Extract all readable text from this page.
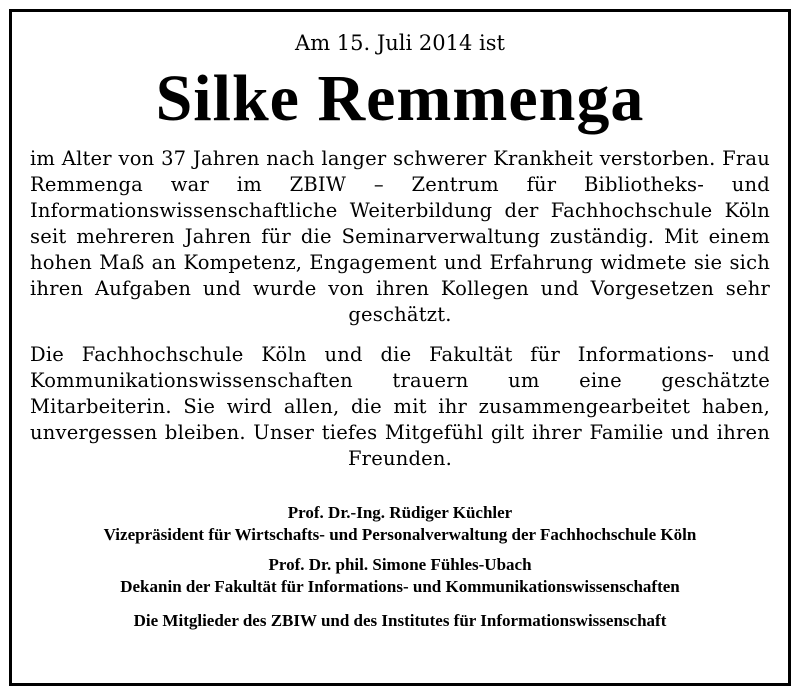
Am 15. Juli 2014 ist
Silke Remmenga
im Alter von 37 Jahren nach langer schwerer Krankheit verstorben. Frau Remmenga war im ZBIW – Zentrum für Bibliotheks- und Informationswissenschaftliche Weiterbildung der Fachhochschule Köln seit mehreren Jahren für die Seminarverwaltung zuständig. Mit einem hohen Maß an Kompetenz, Engagement und Erfahrung widmete sie sich ihren Aufgaben und wurde von ihren Kollegen und Vorgesetzen sehr geschätzt.
Die Fachhochschule Köln und die Fakultät für Informations- und Kommunikationswissenschaften trauern um eine geschätzte Mitarbeiterin. Sie wird allen, die mit ihr zusammengearbeitet haben, unvergessen bleiben. Unser tiefes Mitgefühl gilt ihrer Familie und ihren Freunden.
Prof. Dr.-Ing. Rüdiger Küchler
Vizepräsident für Wirtschafts- und Personalverwaltung der Fachhochschule Köln
Prof. Dr. phil. Simone Fühles-Ubach
Dekanin der Fakultät für Informations- und Kommunikationswissenschaften
Die Mitglieder des ZBIW und des Institutes für Informationswissenschaft
